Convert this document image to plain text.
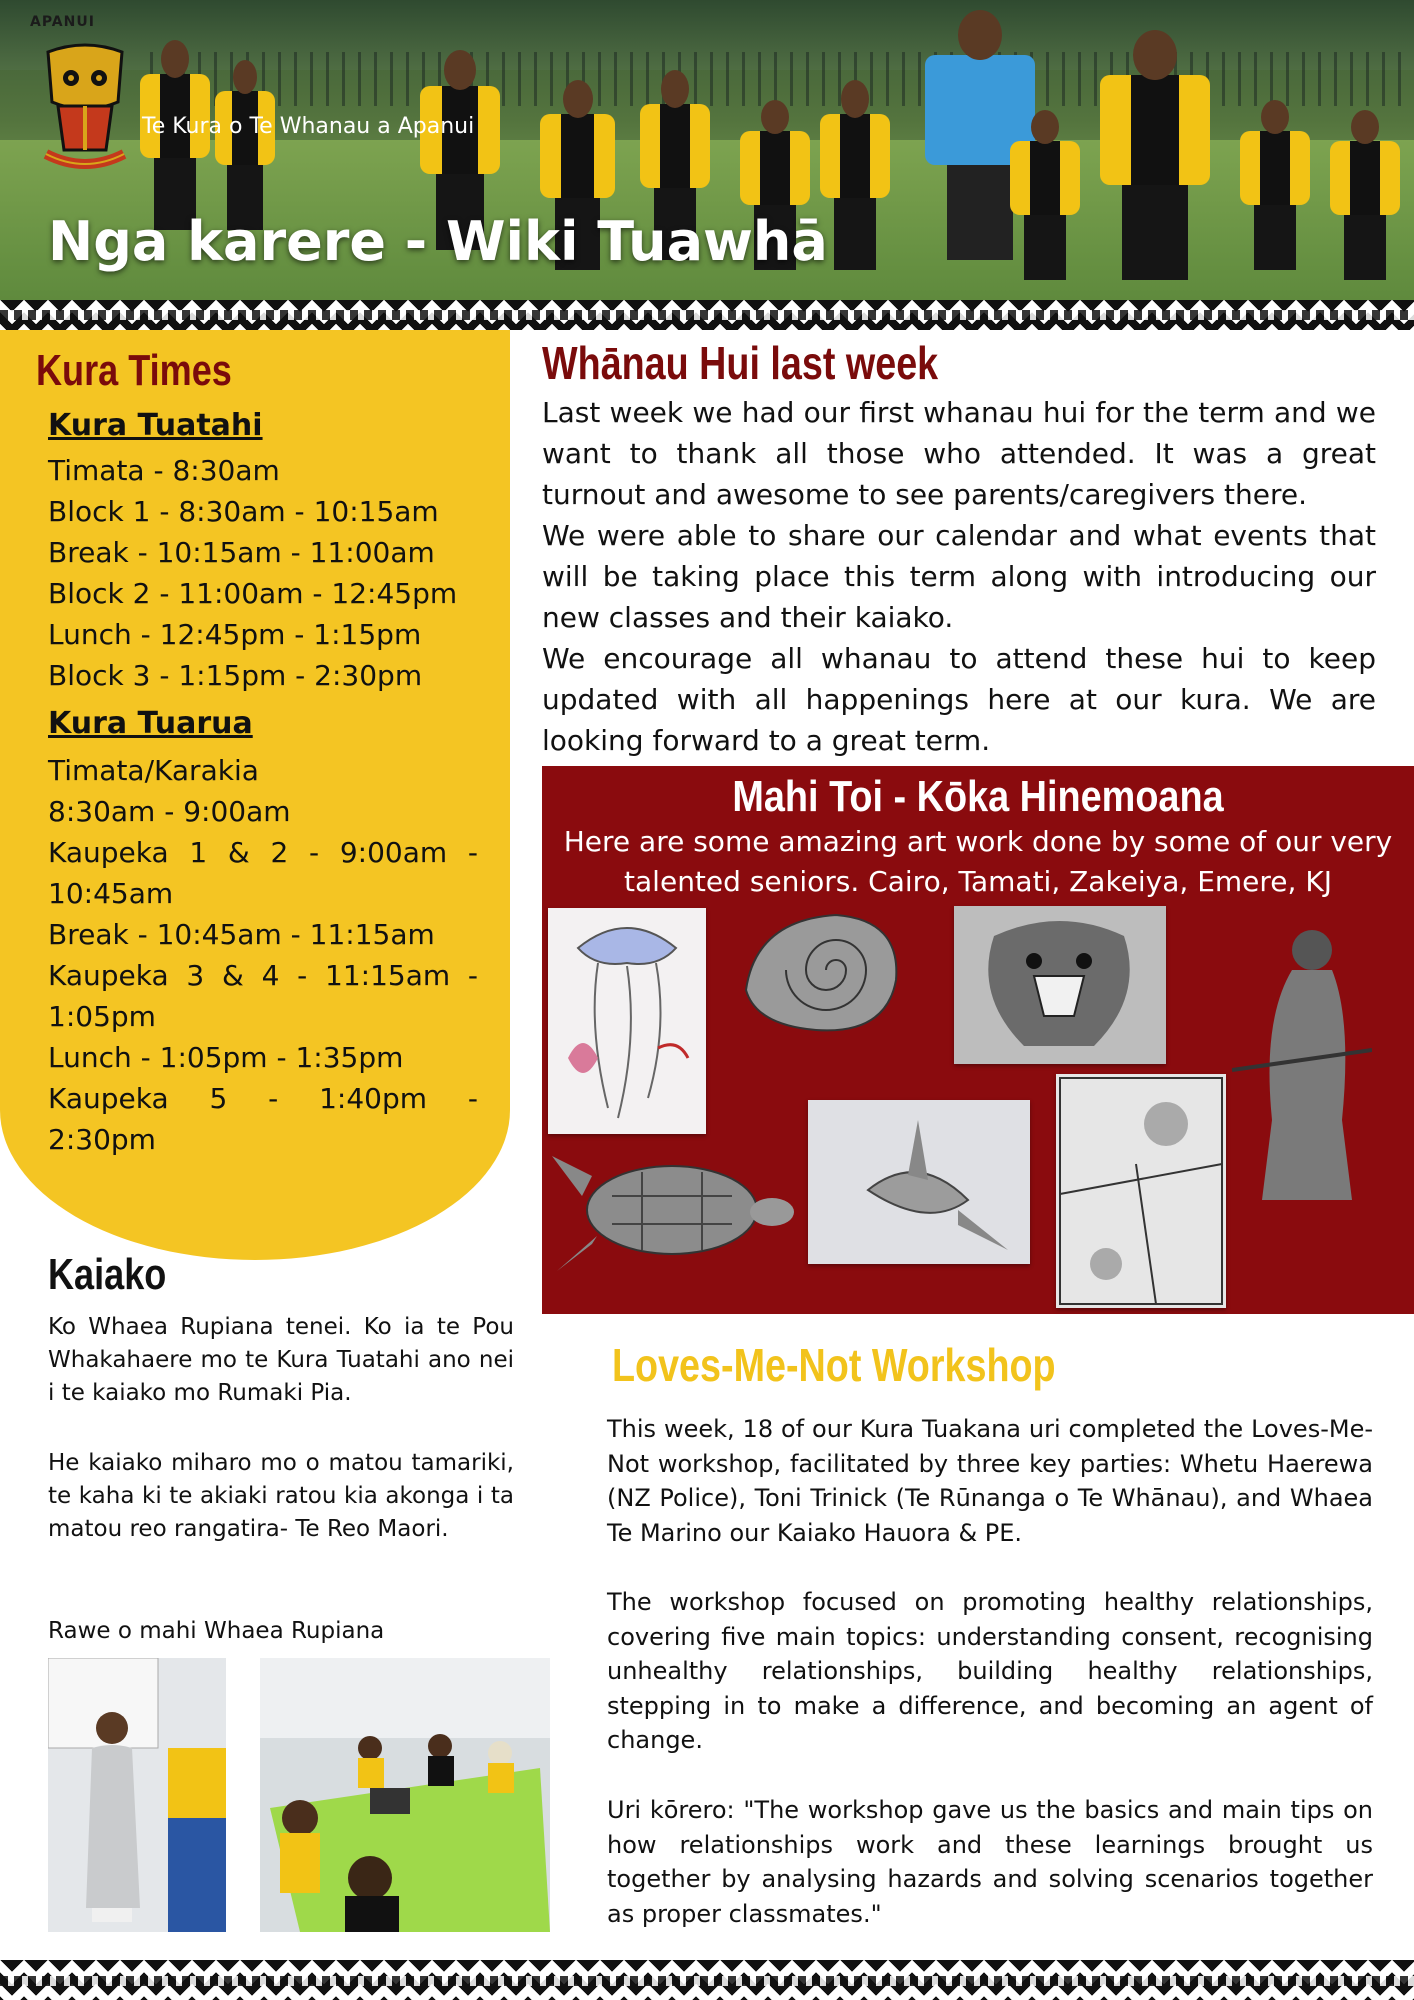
APANUI
Te Kura o Te Whanau a Apanui
Nga karere - Wiki Tuawhā
Kura Times
Kura Tuatahi
Timata - 8:30am
Block 1 - 8:30am - 10:15am
Break - 10:15am - 11:00am
Block 2 - 11:00am - 12:45pm
Lunch - 12:45pm - 1:15pm
Block 3 - 1:15pm - 2:30pm
Kura Tuarua
Timata/Karakia
8:30am - 9:00am
Kaupeka 1 & 2 - 9:00am - 10:45am
Break - 10:45am - 11:15am
Kaupeka 3 & 4 - 11:15am - 1:05pm
Lunch - 1:05pm - 1:35pm
Kaupeka 5 - 1:40pm - 2:30pm
Whānau Hui last week

Last week we had our first whanau hui for the term and we want to thank all those who attended. It was a great turnout and awesome to see parents/caregivers there.

We were able to share our calendar and what events that will be taking place this term along with introducing our new classes and their kaiako.

We encourage all whanau to attend these hui to keep updated with all happenings here at our kura. We are looking forward to a great term.

Mahi Toi - Kōka Hinemoana
Here are some amazing art work done by some of our very talented seniors. Cairo, Tamati, Zakeiya, Emere, KJ
Loves-Me-Not Workshop

This week, 18 of our Kura Tuakana uri completed the Loves-Me-Not workshop, facilitated by three key parties: Whetu Haerewa (NZ Police), Toni Trinick (Te Rūnanga o Te Whānau), and Whaea Te Marino our Kaiako Hauora & PE.

The workshop focused on promoting healthy relationships, covering five main topics: understanding consent, recognising unhealthy relationships, building healthy relationships, stepping in to make a difference, and becoming an agent of change.

Uri kōrero: "The workshop gave us the basics and main tips on how relationships work and these learnings brought us together by analysing hazards and solving scenarios together as proper classmates."

Kaiako

Ko Whaea Rupiana tenei. Ko ia te Pou Whakahaere mo te Kura Tuatahi ano nei i te kaiako mo Rumaki Pia.

He kaiako miharo mo o matou tamariki, te kaha ki te akiaki ratou kia akonga i ta matou reo rangatira- Te Reo Maori.

Rawe o mahi Whaea Rupiana
